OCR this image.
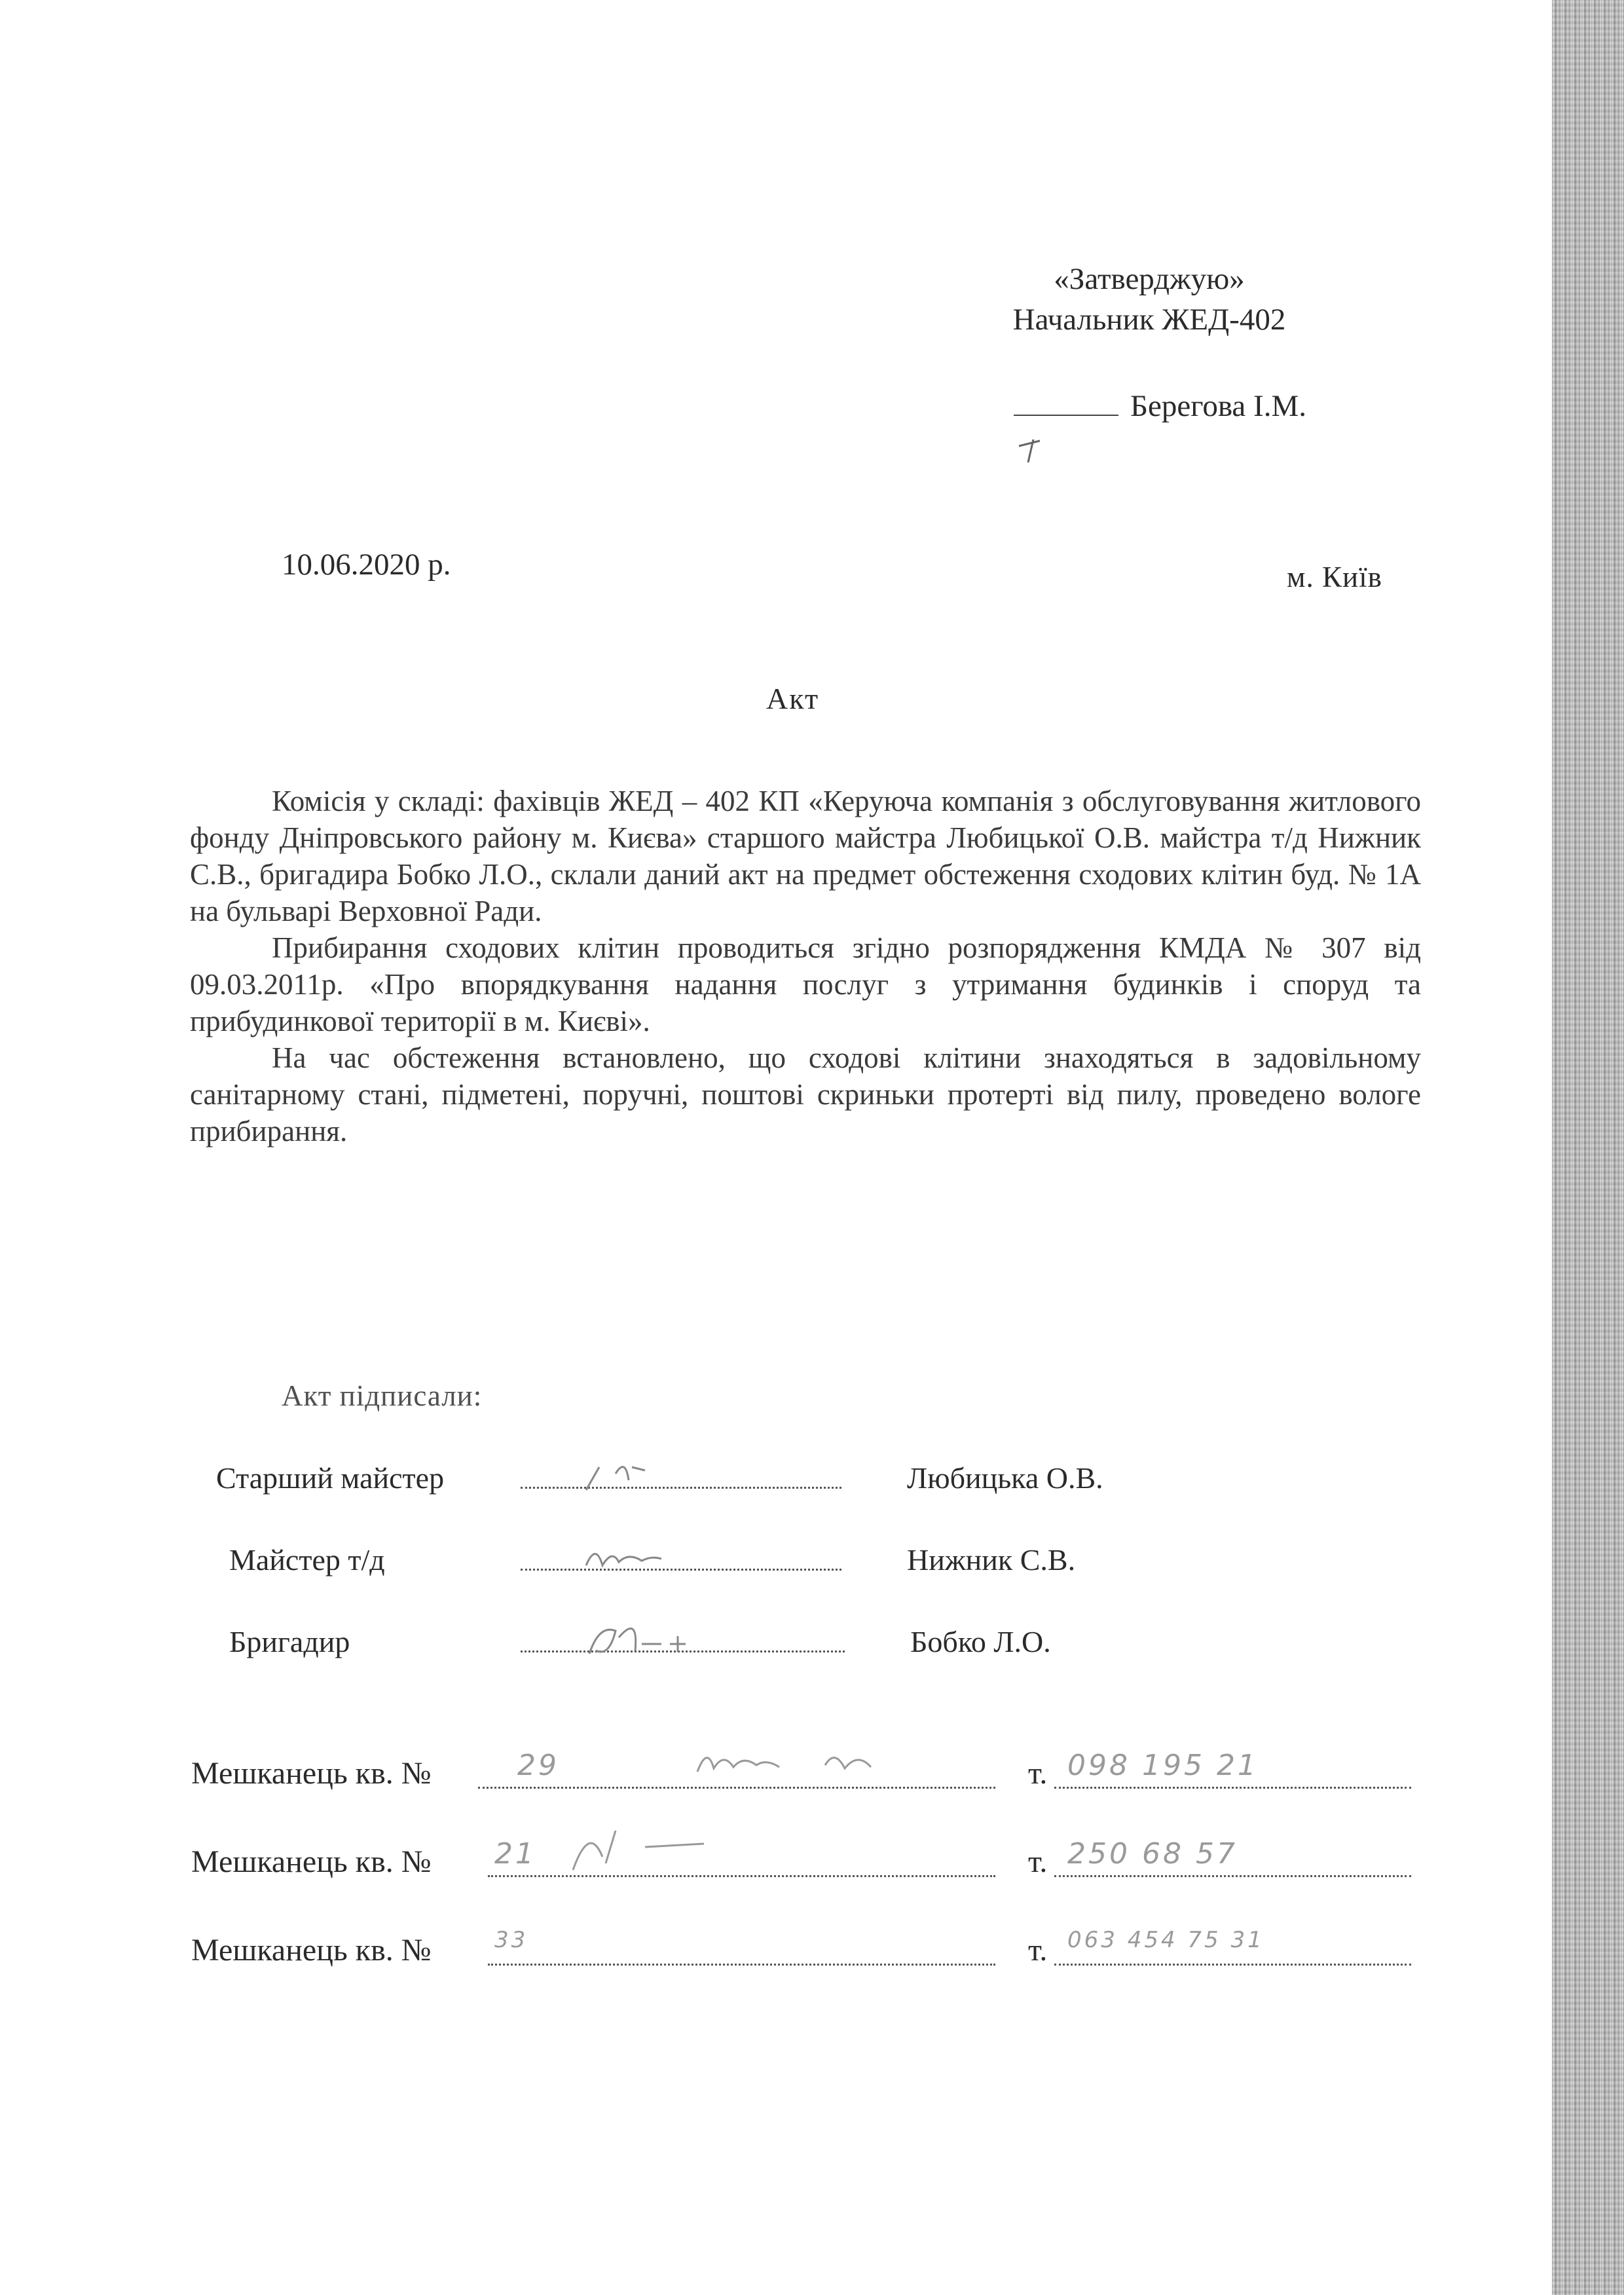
«Затверджую»
Начальник ЖЕД-402
Берегова І.М.
10.06.2020 р.	м. Київ
Акт

Комісія у складі: фахівців ЖЕД – 402 КП «Керуюча компанія з обслуговування житлового фонду Дніпровського району м. Києва» старшого майстра Любицької О.В. майстра т/д Нижник С.В., бригадира Бобко Л.О., склали даний акт на предмет обстеження сходових клітин буд. № 1А на бульварі Верховної Ради.

Прибирання сходових клітин проводиться згідно розпорядження КМДА № 307 від 09.03.2011р. «Про впорядкування надання послуг з утримання будинків і споруд та прибудинкової території в м. Києві».

На час обстеження встановлено, що сходові клітини знаходяться в задовільному санітарному стані, підметені, поручні, поштові скриньки протерті від пилу, проведено вологе прибирання.

Акт підписали:
Старший майстер	Любицька О.В.
Майстер т/д	Нижник С.В.
Бригадир	Бобко Л.О.
Мешканець кв. №	29	т. 098 195 21
Мешканець кв. № 21	т. 250 68 57
Мешканець кв. №	33	т. 063 454 75 31
